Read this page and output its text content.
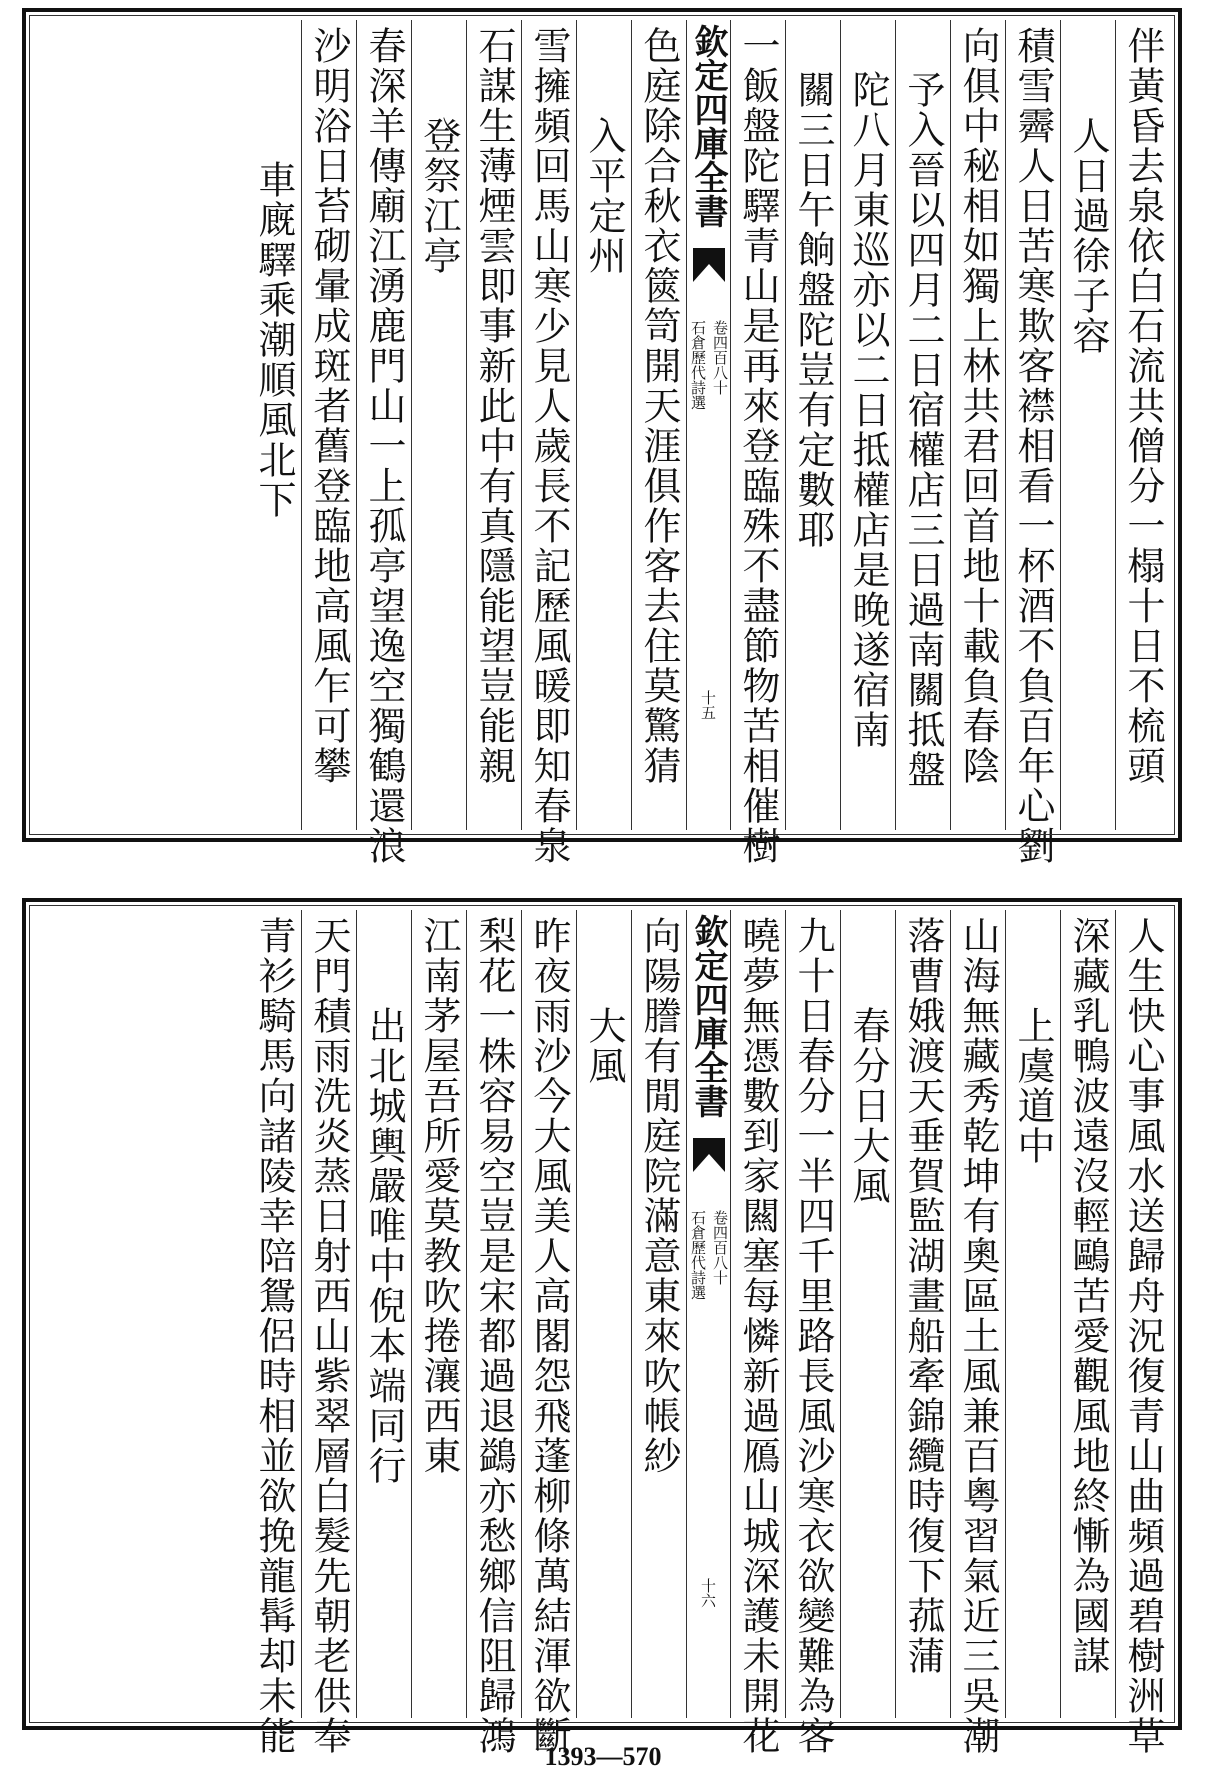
伴黃昏去泉依白石流共僧分一榻十日不梳頭
人日過徐子容
積雪霽人日苦寒欺客襟相看一杯酒不負百年心劉
向俱中秘相如獨上林共君回首地十載負春陰
予入晉以四月二日宿權店三日過南關抵盤
陀八月東巡亦以二日抵權店是晚遂宿南
關三日午餉盤陀豈有定數耶
一飯盤陀驛青山是再來登臨殊不盡節物苦相催樹
欽定四庫全書
石倉歷代詩選 卷四百八十
十五
色庭除合秋衣篋笥開天涯俱作客去住莫驚猜
入平定州
雪擁頻回馬山寒少見人歲長不記歷風暖即知春泉
石謀生薄煙雲即事新此中有真隱能望豈能親
登祭江亭
春深羊傳廟江湧鹿門山一上孤亭望逸空獨鶴還浪
沙明浴日苔砌暈成斑者舊登臨地高風乍可攀
車廐驛乘潮順風北下
人生快心事風水送歸舟況復青山曲頻過碧樹洲草
深藏乳鴨波遠沒輕鷗苦愛觀風地終慚為國謀
上虞道中
山海無藏秀乾坤有奧區土風兼百粵習氣近三吳潮
落曹娥渡天垂賀監湖畫船牽錦纜時復下菰蒲
春分日大風
九十日春分一半四千里路長風沙寒衣欲變難為客
曉夢無憑數到家闗塞每憐新過鴈山城深護未開花
欽定四庫全書
石倉歷代詩選 卷四百八十
十六
向陽謄有閒庭院滿意東來吹帳紗
大風
昨夜雨沙今大風美人高閣怨飛蓬柳條萬結渾欲斷
梨花一株容易空豈是宋都過退鷁亦愁鄉信阻歸鴻
江南茅屋吾所愛莫教吹捲瀼西東
出北城輿嚴唯中倪本端同行
天門積雨洗炎蒸日射西山紫翠層白髮先朝老供奉
青衫騎馬向諸陵幸陪鴛侶時相並欲挽龍髯却未能
1393—570
